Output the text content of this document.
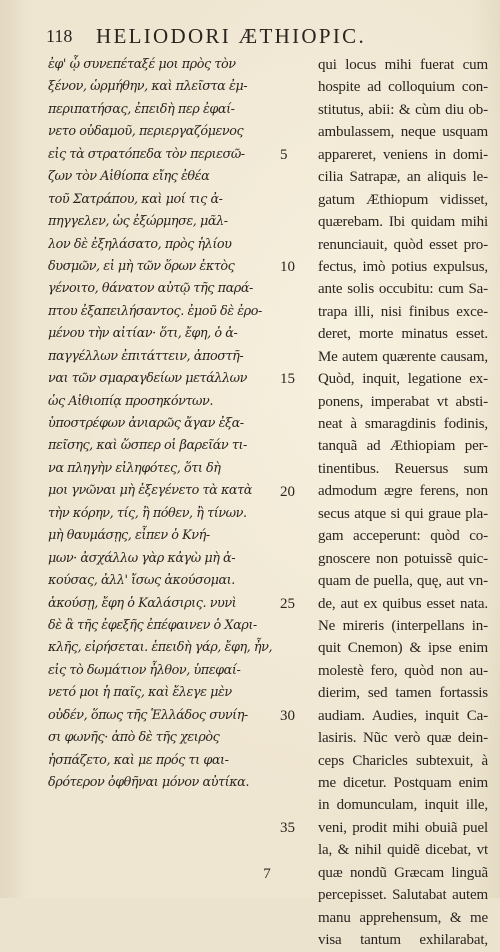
118 HELIODORI ÆTHIOPIC.
ἐφ' ᾧ συνεπέταξέ μοι πρὸς τὸν
ξένον, ὡρμήθην, καὶ πλεῖστα ἐμ-
περιπατήσας, ἐπειδὴ περ ἐφαί-
νετο οὐδαμοῦ, περιεργαζόμενος
εἰς τὰ στρατόπεδα τὸν περιεσῶ-
ζων τὸν Αἰθίοπα εἴης ἐθέα
τοῦ Σατράπου, καὶ μοί τις ἀ-
πηγγελεν, ὡς ἐξώρμησε, μᾶλ-
λον δὲ ἐξηλάσατο, πρὸς ἡλίου
δυσμῶν, εἰ μὴ τῶν ὅρων ἐκτὸς
γένοιτο, θάνατον αὐτῷ τῆς παρά-
πτου ἐξαπειλήσαντος. ἐμοῦ δὲ ἐρο-
μένου τὴν αἰτίαν· ὅτι, ἔφη, ὁ ἀ-
παγγέλλων ἐπιτάττειν, ἀποστῆ-
ναι τῶν σμαραγδείων μετάλλων
ὡς Αἰθιοπίᾳ προσηκόντων.
ὑποστρέφων ἀνιαρῶς ἄγαν ἐξα-
πεῖσης, καὶ ὥσπερ οἱ βαρεῖάν τι-
να πληγὴν εἰληφότες, ὅτι δὴ
μοι γνῶναι μὴ ἐξεγένετο τὰ κατὰ
τὴν κόρην, τίς, ἢ πόθεν, ἢ τίνων.
μὴ θαυμάσῃς, εἶπεν ὁ Κνή-
μων· ἀσχάλλω γὰρ κἀγὼ μὴ ἀ-
κούσας, ἀλλ' ἴσως ἀκούσομαι.
ἀκούσῃ, ἔφη ὁ Καλάσιρις. νυνὶ
δὲ ἃ τῆς ἐφεξῆς ἐπέφαινεν ὁ Χαρι-
κλῆς, εἰρήσεται. ἐπειδὴ γάρ, ἔφη, ἦν,
εἰς τὸ δωμάτιον ἦλθον, ὑπεφαί-
νετό μοι ἡ παῖς, καὶ ἔλεγε μὲν
οὐδέν, ὅπως τῆς Ἑλλάδος συνίη-
σι φωνῆς· ἀπὸ δὲ τῆς χειρὸς
ἠσπάζετο, καὶ με πρός τι φαι-
δρότερον ὀφθῆναι μόνον αὐτίκα.
5
10
15
20
25
30
35
qui locus mihi fuerat cum
hospite ad colloquium con-
stitutus, abii: & cùm diu ob-
ambulassem, neque usquam
appareret, veniens in domi-
cilia Satrapæ, an aliquis le-
gatum Æthiopum vidisset,
quærebam. Ibi quidam mihi
renunciauit, quòd esset pro-
fectus, imò potius expulsus,
ante solis occubitu: cum Sa-
trapa illi, nisi finibus exce-
deret, morte minatus esset.
Me autem quærente causam,
Quòd, inquit, legatione ex-
ponens, imperabat vt absti-
neat à smaragdinis fodinis,
tanquã ad Æthiopiam per-
tinentibus. Reuersus sum
admodum ægre ferens, non
secus atque si qui graue pla-
gam acceperunt: quòd co-
gnoscere non potuissẽ quic-
quam de puella, quę, aut vn-
de, aut ex quibus esset nata.
Ne mireris (interpellans in-
quit Cnemon) & ipse enim
molestè fero, quòd non au-
dierim, sed tamen fortassis
audiam. Audies, inquit Ca-
lasiris. Nũc verò quæ dein-
ceps Charicles subtexuit, à
me dicetur. Postquam enim
in domunculam, inquit ille,
veni, prodit mihi obuiã puel
la, & nihil quidẽ dicebat, vt
quæ nondũ Græcam linguã
percepisset. Salutabat autem
manu apprehensum, & me
visa tantum exhilarabat,
7
